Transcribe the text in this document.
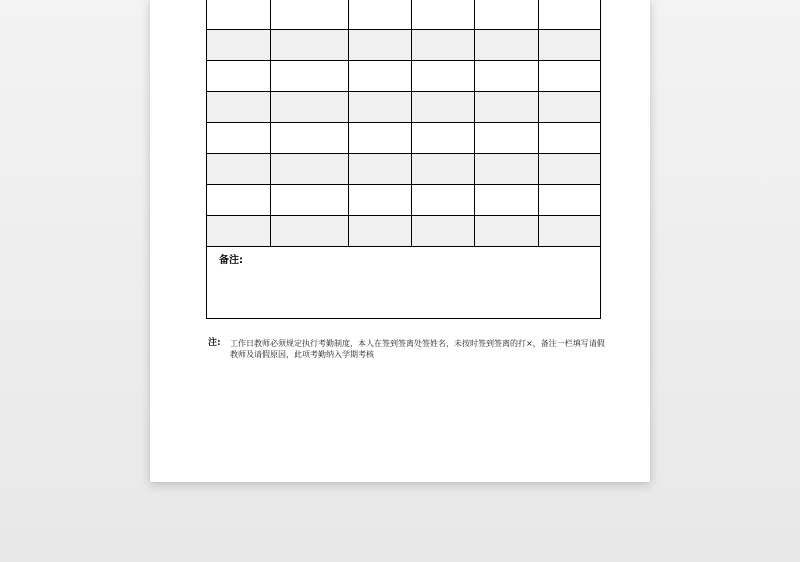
备注:					
注: 工作日教师必须规定执行考勤制度，本人在签到签离处签姓名，未按时签到签离的打×，备注一栏填写请假教师及请假原因，此项考勤纳入学期考核
